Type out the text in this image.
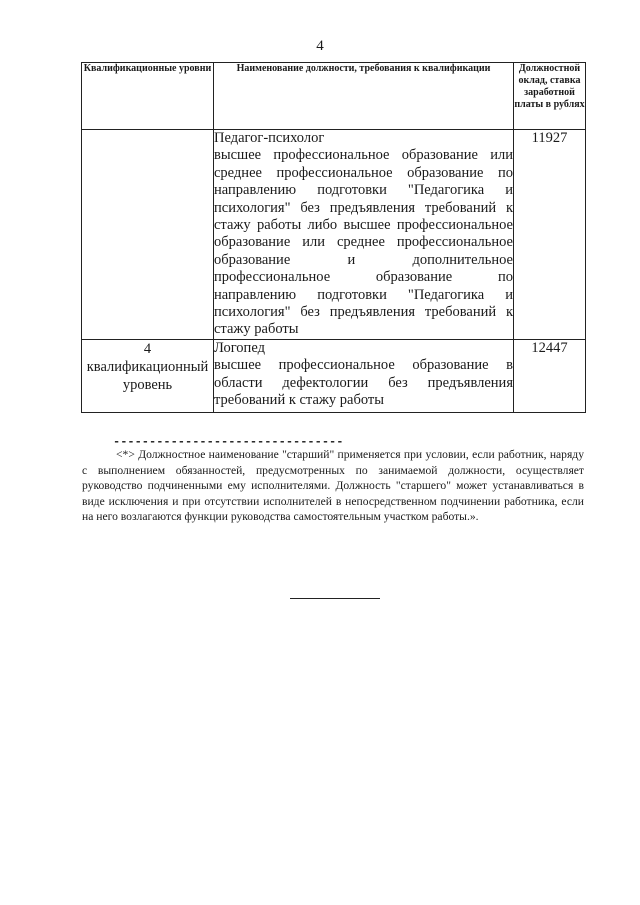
4
Квалификационные уровни	Наименование должности, требования к квалификации	Должностной оклад, ставка заработной платы в рублях

	Педагог-психолог
высшее профессиональное образование или среднее профессиональное образование по направлению подготовки "Педагогика и психология" без предъявления требований к стажу работы либо высшее профессиональное образование или среднее профессиональное образование и дополнительное профессиональное образование по направлению подготовки "Педагогика и психология" без предъявления требований к стажу работы	11927
4 квалификационный уровень	Логопед
высшее профессиональное образование в области дефектологии без предъявления требований к стажу работы	12447
--------------------------------
<*> Должностное наименование "старший" применяется при условии, если работник, наряду с выполнением обязанностей, предусмотренных по занимаемой должности, осуществляет руководство подчиненными ему исполнителями. Должность "старшего" может устанавливаться в виде исключения и при отсутствии исполнителей в непосредственном подчинении работника, если на него возлагаются функции руководства самостоятельным участком работы.».
